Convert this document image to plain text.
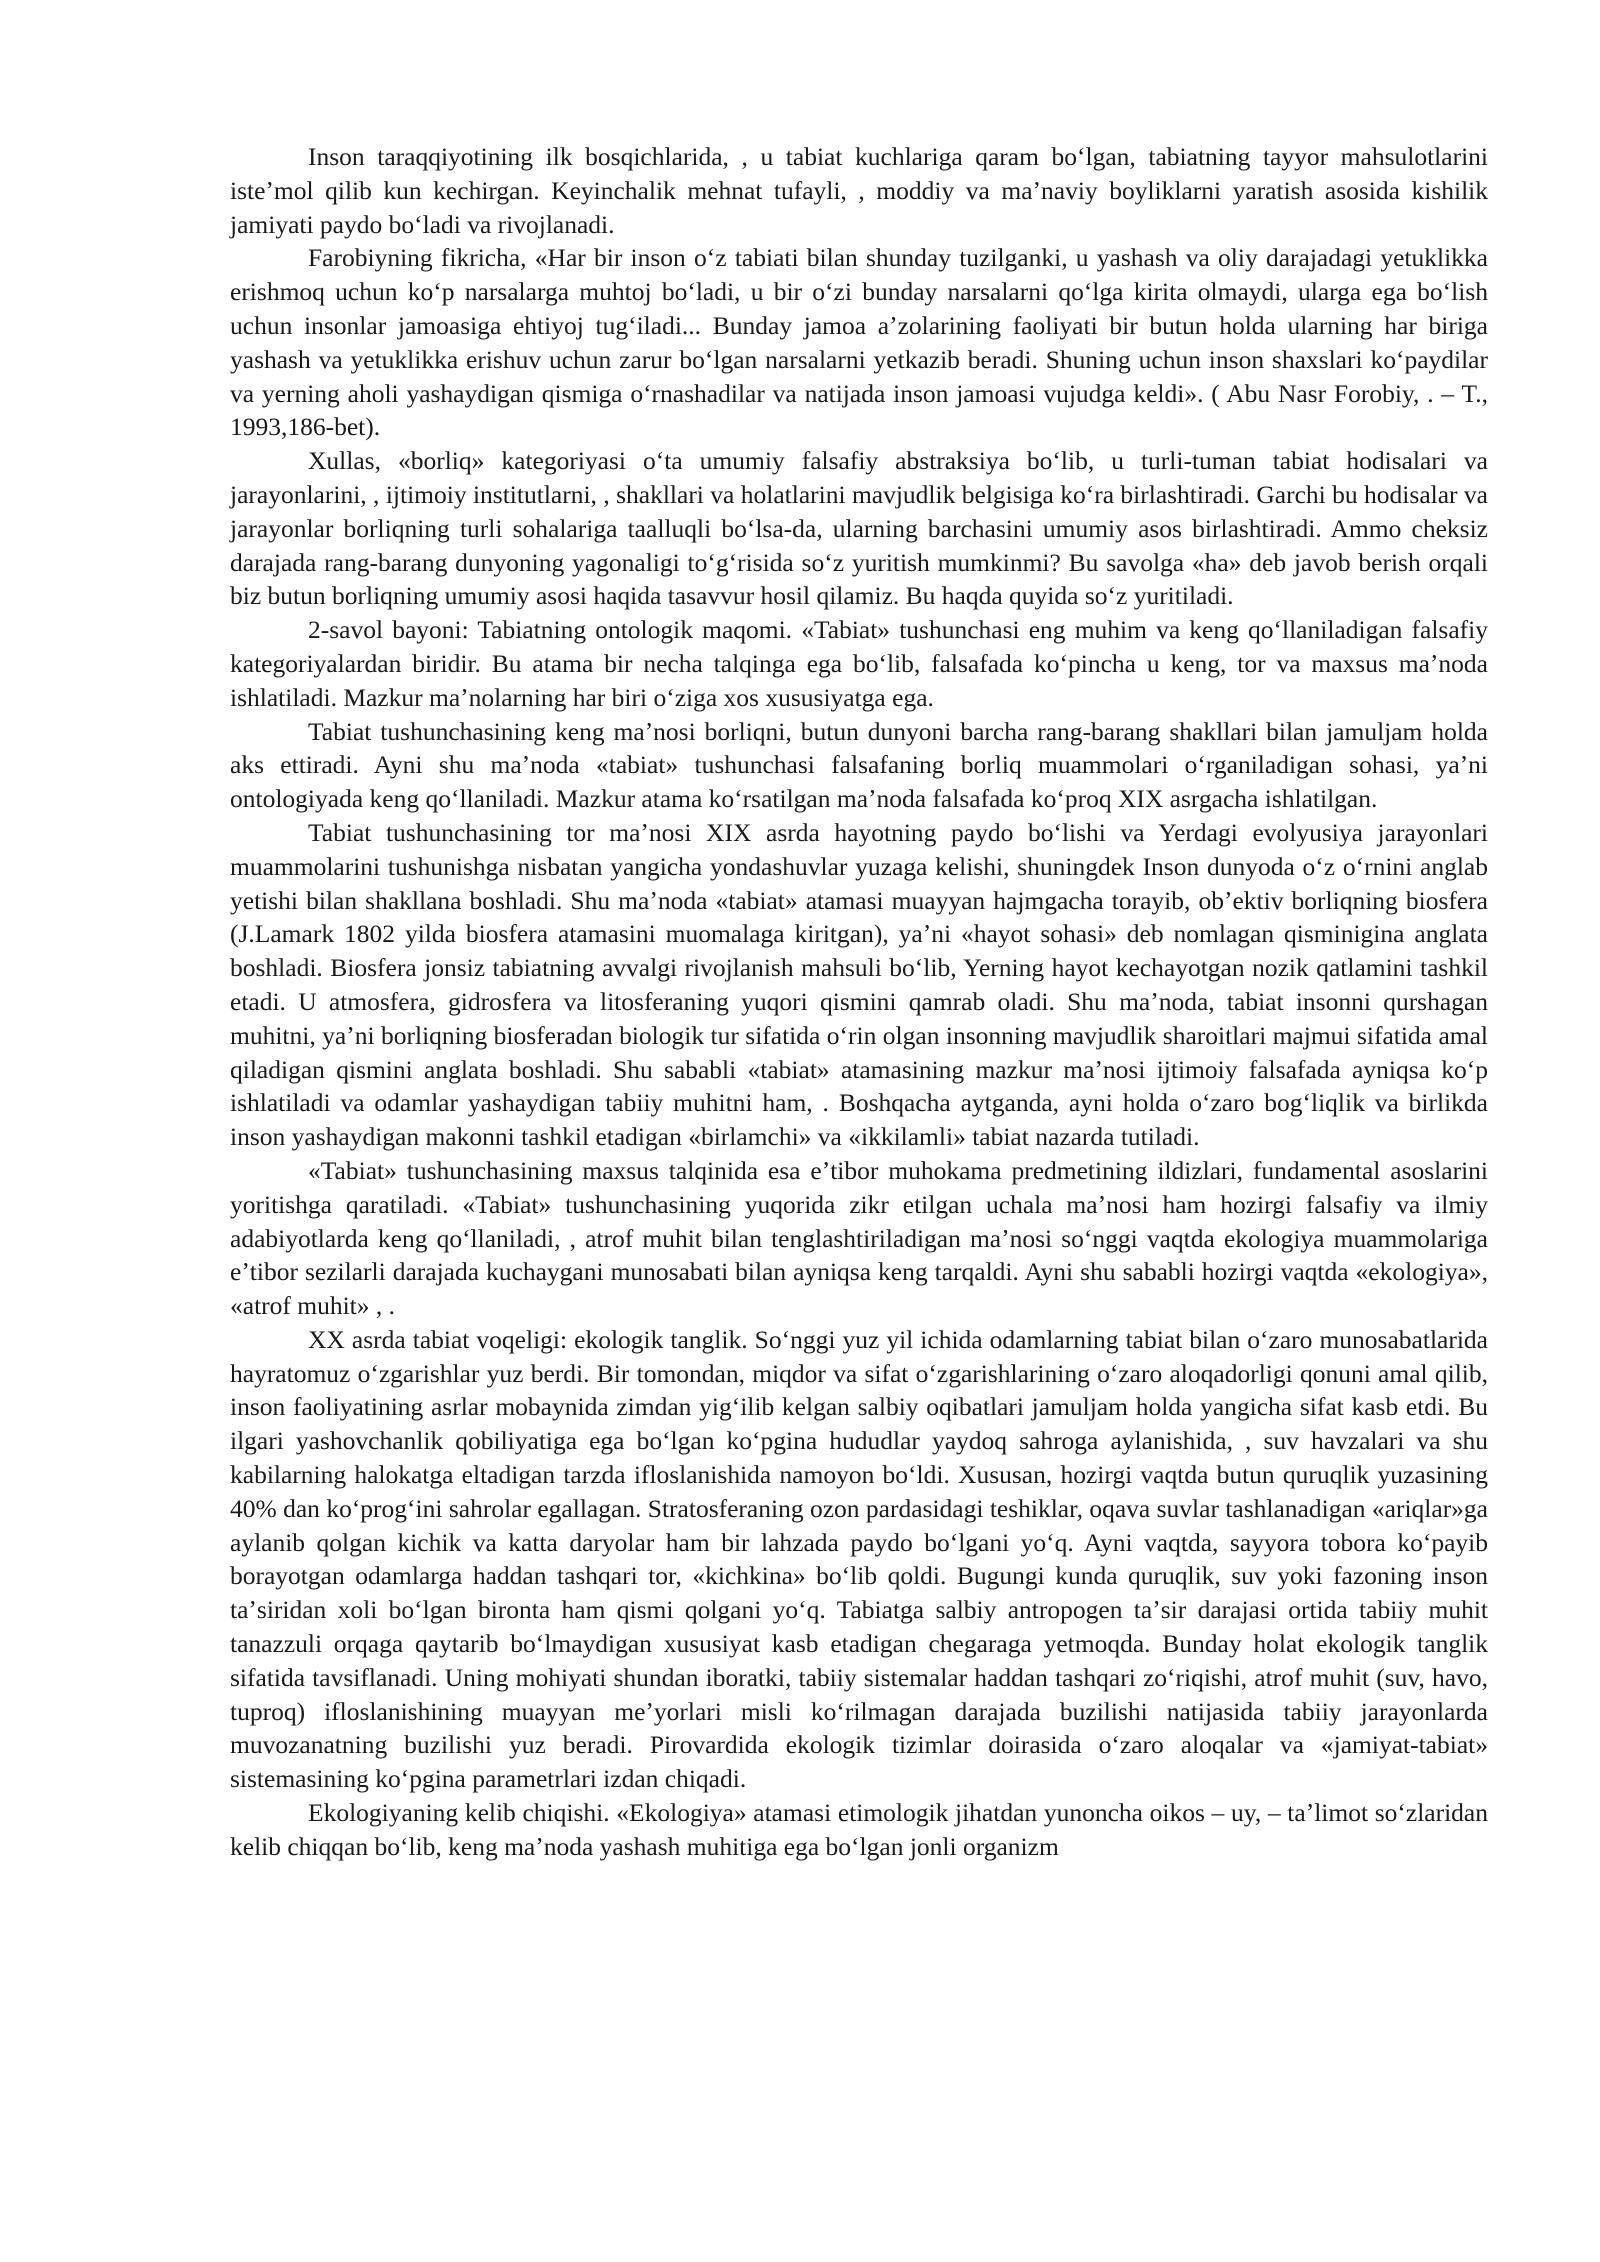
Inson taraqqiyotining ilk bosqichlarida, , u tabiat kuchlariga qaram boʻlgan, tabiatning tayyor mahsulotlarini isteʼmol qilib kun kechirgan. Keyinchalik mehnat tufayli, , moddiy va maʼnaviy boyliklarni yaratish asosida kishilik jamiyati paydo boʻladi va rivojlanadi.

Farobiyning fikricha, «Har bir inson oʻz tabiati bilan shunday tuzilganki, u yashash va oliy darajadagi yetuklikka erishmoq uchun koʻp narsalarga muhtoj boʻladi, u bir oʻzi bunday narsalarni qoʻlga kirita olmaydi, ularga ega boʻlish uchun insonlar jamoasiga ehtiyoj tugʻiladi... Bunday jamoa aʼzolarining faoliyati bir butun holda ularning har biriga yashash va yetuklikka erishuv uchun zarur boʻlgan narsalarni yetkazib beradi. Shuning uchun inson shaxslari koʻpaydilar va yerning aholi yashaydigan qismiga oʻrnashadilar va natijada inson jamoasi vujudga keldi». ( Abu Nasr Forobiy, . – T., 1993,186-bet).

Xullas, «borliq» kategoriyasi oʻta umumiy falsafiy abstraksiya boʻlib, u turli-tuman tabiat hodisalari va jarayonlarini, , ijtimoiy institutlarni, , shakllari va holatlarini mavjudlik belgisiga koʻra birlashtiradi. Garchi bu hodisalar va jarayonlar borliqning turli sohalariga taalluqli boʻlsa-da, ularning barchasini umumiy asos birlashtiradi. Ammo cheksiz darajada rang-barang dunyoning yagonaligi toʻgʻrisida soʻz yuritish mumkinmi? Bu savolga «ha» deb javob berish orqali biz butun borliqning umumiy asosi haqida tasavvur hosil qilamiz. Bu haqda quyida soʻz yuritiladi.

2-savol bayoni: Tabiatning ontologik maqomi. «Tabiat» tushunchasi eng muhim va keng qoʻllaniladigan falsafiy kategoriyalardan biridir. Bu atama bir necha talqinga ega boʻlib, falsafada koʻpincha u keng, tor va maxsus maʼnoda ishlatiladi. Mazkur maʼnolarning har biri oʻziga xos xususiyatga ega.

Tabiat tushunchasining keng maʼnosi borliqni, butun dunyoni barcha rang-barang shakllari bilan jamuljam holda aks ettiradi. Ayni shu maʼnoda «tabiat» tushunchasi falsafaning borliq muammolari oʻrganiladigan sohasi, yaʼni ontologiyada keng qoʻllaniladi. Mazkur atama koʻrsatilgan maʼnoda falsafada koʻproq XIX asrgacha ishlatilgan.

Tabiat tushunchasining tor maʼnosi XIX asrda hayotning paydo boʻlishi va Yerdagi evolyusiya jarayonlari muammolarini tushunishga nisbatan yangicha yondashuvlar yuzaga kelishi, shuningdek Inson dunyoda oʻz oʻrnini anglab yetishi bilan shakllana boshladi. Shu maʼnoda «tabiat» atamasi muayyan hajmgacha torayib, obʼektiv borliqning biosfera (J.Lamark 1802 yilda biosfera atamasini muomalaga kiritgan), yaʼni «hayot sohasi» deb nomlagan qisminigina anglata boshladi. Biosfera jonsiz tabiatning avvalgi rivojlanish mahsuli boʻlib, Yerning hayot kechayotgan nozik qatlamini tashkil etadi. U atmosfera, gidrosfera va litosferaning yuqori qismini qamrab oladi. Shu maʼnoda, tabiat insonni qurshagan muhitni, yaʼni borliqning biosferadan biologik tur sifatida oʻrin olgan insonning mavjudlik sharoitlari majmui sifatida amal qiladigan qismini anglata boshladi. Shu sababli «tabiat» atamasining mazkur maʼnosi ijtimoiy falsafada ayniqsa koʻp ishlatiladi va odamlar yashaydigan tabiiy muhitni ham, . Boshqacha aytganda, ayni holda oʻzaro bogʻliqlik va birlikda inson yashaydigan makonni tashkil etadigan «birlamchi» va «ikkilamli» tabiat nazarda tutiladi.

«Tabiat» tushunchasining maxsus talqinida esa eʼtibor muhokama predmetining ildizlari, fundamental asoslarini yoritishga qaratiladi. «Tabiat» tushunchasining yuqorida zikr etilgan uchala maʼnosi ham hozirgi falsafiy va ilmiy adabiyotlarda keng qoʻllaniladi, , atrof muhit bilan tenglashtiriladigan maʼnosi soʻnggi vaqtda ekologiya muammolariga eʼtibor sezilarli darajada kuchaygani munosabati bilan ayniqsa keng tarqaldi. Ayni shu sababli hozirgi vaqtda «ekologiya», «atrof muhit» , .

XX asrda tabiat voqeligi: ekologik tanglik. Soʻnggi yuz yil ichida odamlarning tabiat bilan oʻzaro munosabatlarida hayratomuz oʻzgarishlar yuz berdi. Bir tomondan, miqdor va sifat oʻzgarishlarining oʻzaro aloqadorligi qonuni amal qilib, inson faoliyatining asrlar mobaynida zimdan yigʻilib kelgan salbiy oqibatlari jamuljam holda yangicha sifat kasb etdi. Bu ilgari yashovchanlik qobiliyatiga ega boʻlgan koʻpgina hududlar yaydoq sahroga aylanishida, , suv havzalari va shu kabilarning halokatga eltadigan tarzda ifloslanishida namoyon boʻldi. Xususan, hozirgi vaqtda butun quruqlik yuzasining 40% dan koʻprogʻini sahrolar egallagan. Stratosferaning ozon pardasidagi teshiklar, oqava suvlar tashlanadigan «ariqlar»ga aylanib qolgan kichik va katta daryolar ham bir lahzada paydo boʻlgani yoʻq. Ayni vaqtda, sayyora tobora koʻpayib borayotgan odamlarga haddan tashqari tor, «kichkina» boʻlib qoldi. Bugungi kunda quruqlik, suv yoki fazoning inson taʼsiridan xoli boʻlgan bironta ham qismi qolgani yoʻq. Tabiatga salbiy antropogen taʼsir darajasi ortida tabiiy muhit tanazzuli orqaga qaytarib boʻlmaydigan xususiyat kasb etadigan chegaraga yetmoqda. Bunday holat ekologik tanglik sifatida tavsiflanadi. Uning mohiyati shundan iboratki, tabiiy sistemalar haddan tashqari zoʻriqishi, atrof muhit (suv, havo, tuproq) ifloslanishining muayyan meʼyorlari misli koʻrilmagan darajada buzilishi natijasida tabiiy jarayonlarda muvozanatning buzilishi yuz beradi. Pirovardida ekologik tizimlar doirasida oʻzaro aloqalar va «jamiyat-tabiat» sistemasining koʻpgina parametrlari izdan chiqadi.

Ekologiyaning kelib chiqishi. «Ekologiya» atamasi etimologik jihatdan yunoncha oikos – uy, – taʼlimot soʻzlaridan kelib chiqqan boʻlib, keng maʼnoda yashash muhitiga ega boʻlgan jonli organizm
